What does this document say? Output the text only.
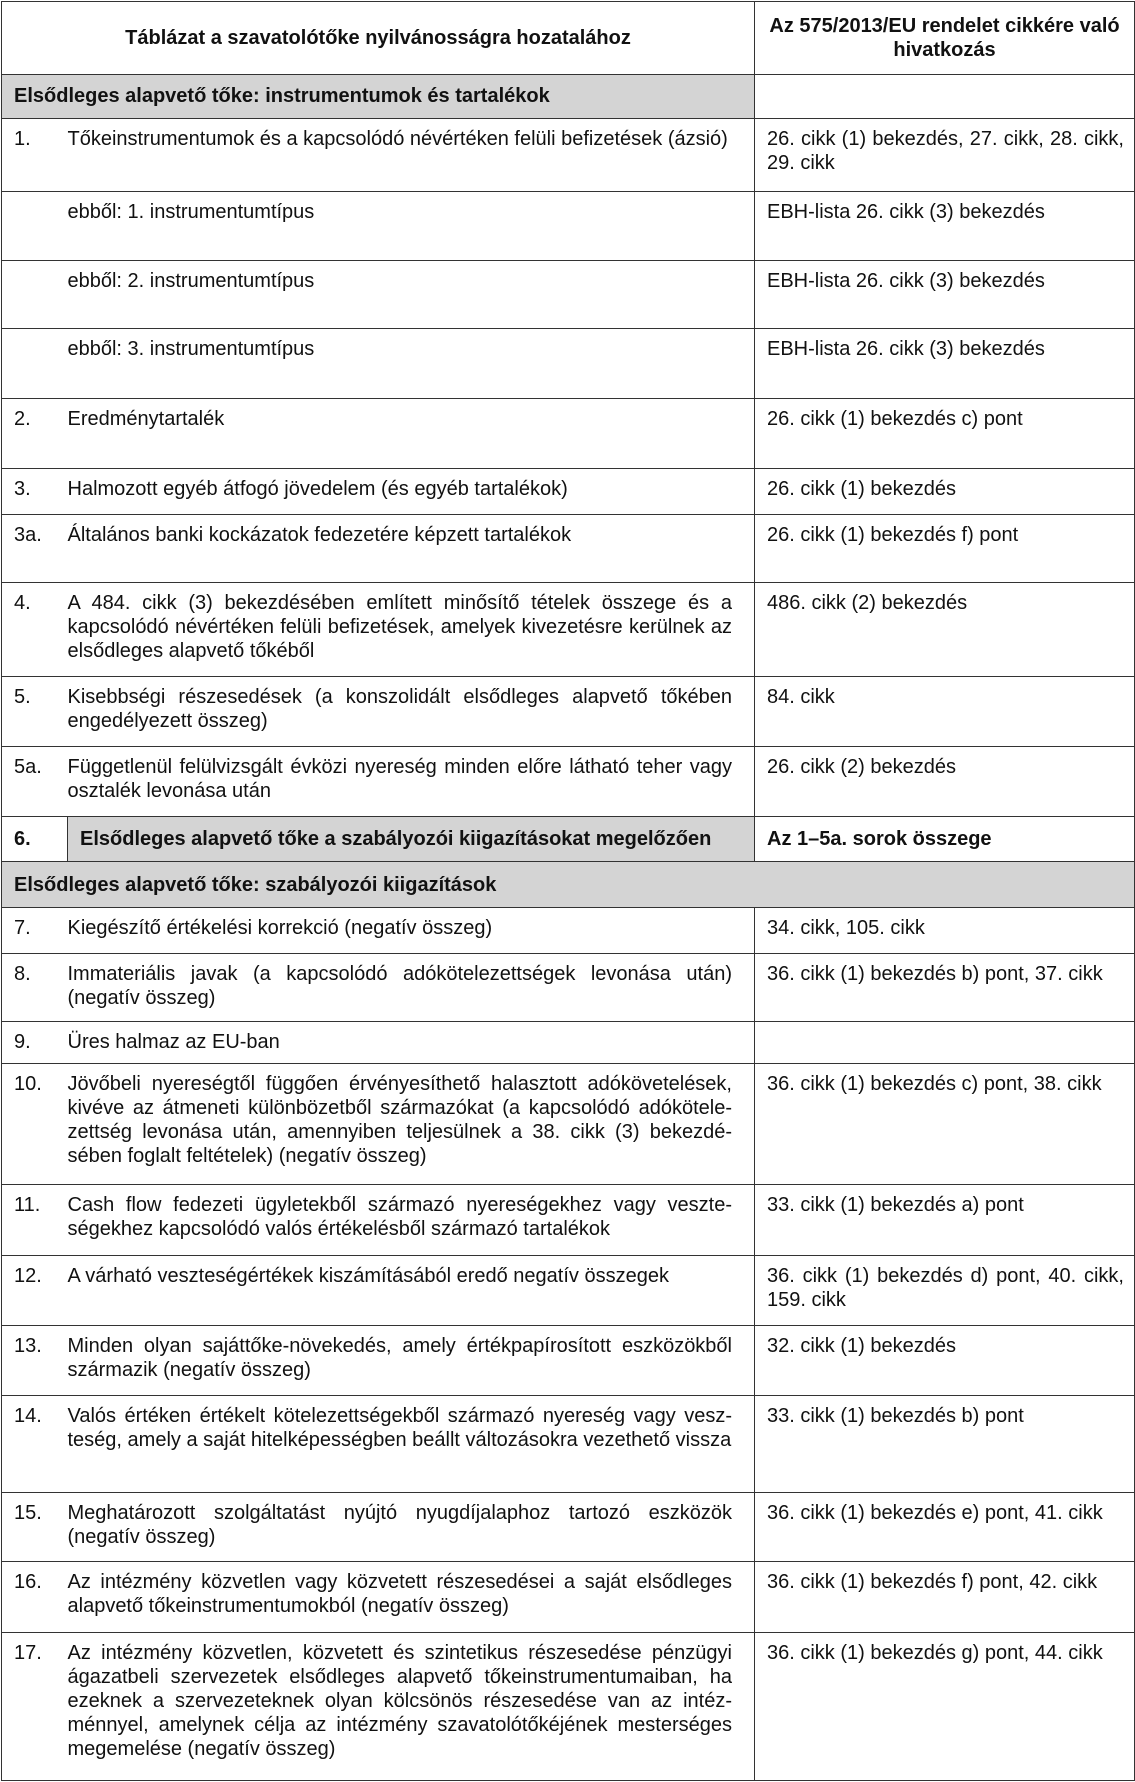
Táblázat a szavatolótőke nyilvánosságra hozatalához		Az 575/2013/EU rendelet cikkére való hivatkozás
Elsődleges alapvető tőke: instrumentumok és tartalékok		
1.	Tőkeinstrumentumok és a kapcsolódó névértéken felüli befizetések (ázsió)	26. cikk (1) bekezdés, 27. cikk, 28. cikk, 29. cikk
	ebből: 1. instrumentumtípus	EBH-lista 26. cikk (3) bekezdés
	ebből: 2. instrumentumtípus	EBH-lista 26. cikk (3) bekezdés
	ebből: 3. instrumentumtípus	EBH-lista 26. cikk (3) bekezdés
2.	Eredménytartalék	26. cikk (1) bekezdés c) pont
3.	Halmozott egyéb átfogó jövedelem (és egyéb tartalékok)	26. cikk (1) bekezdés
3a.	Általános banki kockázatok fedezetére képzett tartalékok	26. cikk (1) bekezdés f) pont
4.	A 484. cikk (3) bekezdésében említett minősítő tételek összege és a kapcsolódó névértéken felüli befizetések, amelyek kivezetésre kerülnek az elsődleges alapvető tőkéből	486. cikk (2) bekezdés
5.	Kisebbségi részesedések (a konszolidált elsődleges alapvető tőkében engedélyezett összeg)	84. cikk
5a.	Függetlenül felülvizsgált évközi nyereség minden előre látható teher vagy osztalék levonása után	26. cikk (2) bekezdés
6.	Elsődleges alapvető tőke a szabályozói kiigazításokat megelőzően	Az 1–5a. sorok összege
Elsődleges alapvető tőke: szabályozói kiigazítások		
7.	Kiegészítő értékelési korrekció (negatív összeg)	34. cikk, 105. cikk
8.	Immateriális javak (a kapcsolódó adókötelezettségek levonása után) (negatív összeg)	36. cikk (1) bekezdés b) pont, 37. cikk
9.	Üres halmaz az EU-ban	
10.	Jövőbeli nyereségtől függően érvényesíthető halasztott adókövetelések, kivéve az átmeneti különbözetből származókat (a kapcsolódó adókötelezettség levonása után, amennyiben teljesülnek a 38. cikk (3) bekezdésében foglalt feltételek) (negatív összeg)	36. cikk (1) bekezdés c) pont, 38. cikk
11.	Cash flow fedezeti ügyletekből származó nyereségekhez vagy veszteségekhez kapcsolódó valós értékelésből származó tartalékok	33. cikk (1) bekezdés a) pont
12.	A várható veszteségértékek kiszámításából eredő negatív összegek	36. cikk (1) bekezdés d) pont, 40. cikk, 159. cikk
13.	Minden olyan sajáttőke-növekedés, amely értékpapírosított eszközökből származik (negatív összeg)	32. cikk (1) bekezdés
14.	Valós értéken értékelt kötelezettségekből származó nyereség vagy veszteség, amely a saját hitelképességben beállt változásokra vezethető vissza	33. cikk (1) bekezdés b) pont
15.	Meghatározott szolgáltatást nyújtó nyugdíjalaphoz tartozó eszközök (negatív összeg)	36. cikk (1) bekezdés e) pont, 41. cikk
16.	Az intézmény közvetlen vagy közvetett részesedései a saját elsődleges alapvető tőkeinstrumentumokból (negatív összeg)	36. cikk (1) bekezdés f) pont, 42. cikk
17.	Az intézmény közvetlen, közvetett és szintetikus részesedése pénzügyi ágazatbeli szervezetek elsődleges alapvető tőkeinstrumentumaiban, ha ezeknek a szervezeteknek olyan kölcsönös részesedése van az intézménnyel, amelynek célja az intézmény szavatolótőkéjének mesterséges megemelése (negatív összeg)	36. cikk (1) bekezdés g) pont, 44. cikk
